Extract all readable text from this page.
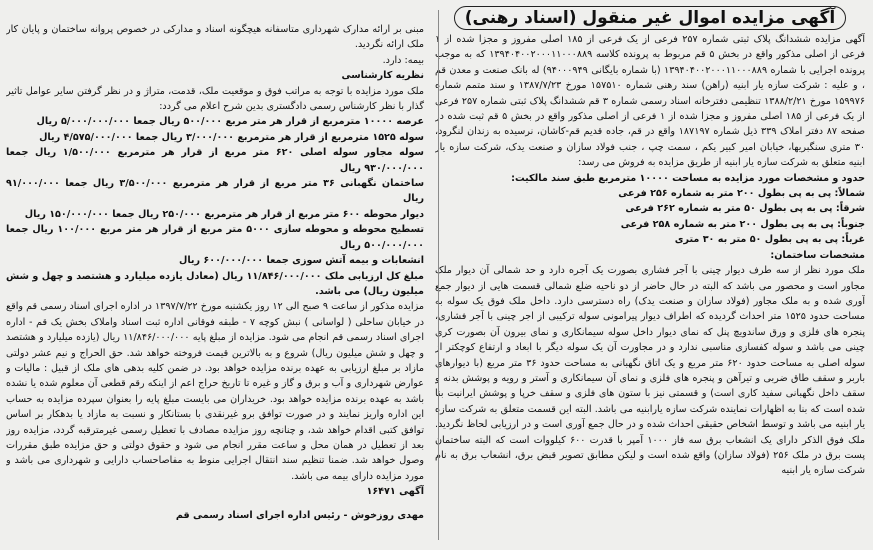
آگهی مزایده اموال غیر منقول (اسناد رهنی)

آگهی مزایده ششدانگ پلاک ثبتی شماره ۲۵۷ فرعی از یک فرعی از ۱۸۵ اصلی مفروز و مجزا شده از ۱ فرعی از اصلی مذکور واقع در بخش ۵ قم مربوط به پرونده کلاسه ۱۳۹۴۰۴۰۰۲۰۰۰۱۱۰۰۰۸۸۹ که به موجب پرونده اجرایی با شماره ۱۳۹۴۰۴۰۰۲۰۰۰۱۱۰۰۰۸۸۹ (با شماره بایگانی ۹۴۰۰۰۹۴۹) له بانک صنعت و معدن قم ، و علیه : شرکت سازه یار ابنیه (راهن) سند رهنی شماره ۱۵۷۵۱۰ مورخ ۱۳۸۷/۷/۲۳ و سند متمم شماره ۱۵۹۹۷۶ مورخ ۱۳۸۸/۲/۲۱ تنظیمی دفترخانه اسناد رسمی شماره ۳ قم ششدانگ پلاک ثبتی شماره ۲۵۷ فرعی از یک فرعی از ۱۸۵ اصلی مفروز و مجزا شده از ۱ فرعی از اصلی مذکور واقع در بخش ۵ قم ثبت شده در صفحه ۸۷ دفتر املاک ۳۳۹ ذیل شماره ۱۸۷۱۹۷ واقع در قم، جاده قدیم قم-کاشان، نرسیده به زندان لنگرود، ۳۰ متری سنگبریها، خیابان امیر کبیر یکم ، سمت چپ ، جنب فولاد سازان و صنعت یدک، شرکت سازه یار ابنیه متعلق به شرکت سازه یار ابنیه از طریق مزایده به فروش می رسد:

حدود و مشخصات مورد مزایده به مساحت ۱۰۰۰۰ مترمربع طبق سند مالکیت:
شمالاً: پی به پی بطول ۲۰۰ متر به شماره ۲۵۶ فرعی
شرقاً: پی به پی بطول ۵۰ متر به شماره ۲۶۲ فرعی
جنوباً: پی به پی بطول ۲۰۰ متر به شماره ۲۵۸ فرعی
غرباً: پی به پی بطول ۵۰ متر به ۳۰ متری
مشخصات ساختمان:

ملک مورد نظر از سه طرف دیوار چینی با آجر فشاری بصورت یک آجره دارد و حد شمالی آن دیوار ملک مجاور است و محصور می باشد که البته در حال حاضر از دو ناحیه ضلع شمالی قسمت هایی از دیوار جمع آوری شده و به ملک مجاور (فولاد سازان و صنعت یدک) راه دسترسی دارد. داخل ملک فوق یک سوله به مساحت حدود ۱۵۲۵ متر احداث گردیده که اطراف دیوار پیرامونی سوله ترکیبی از اجر چینی با آجر فشاری، پنجره های فلزی و ورق ساندویچ پنل که نمای دیوار داخل سوله سیمانکاری و نمای بیرون آن بصورت کری چینی می باشد و سوله کفسازی مناسبی ندارد و در مجاورت آن یک سوله دیگر با ابعاد و ارتفاع کوچکتر از سوله اصلی به مساحت حدود ۶۲۰ متر مربع و یک اتاق نگهبانی به مساحت حدود ۳۶ متر مربع (با دیوارهای باربر و سقف طاق ضربی و تیرآهن و پنجره های فلزی و نمای آن سیمانکاری و آستر و رویه و پوشش بدنه و سقف داخل نگهبانی سفید کاری است) و قسمتی نیز با ستون های فلزی و سقف خرپا و پوشش ایرانیت بنا شده است که بنا به اظهارات نماینده شرکت سازه یارابنیه می باشد. البته این قسمت متعلق به شرکت سازه یار ابنیه می باشد و توسط اشخاص حقیقی احداث شده و در حال جمع آوری است و در ارزیابی لحاظ نگردید. ملک فوق الذکر دارای یک انشعاب برق سه فاز ۱۰۰۰ آمپر با قدرت ۶۰۰ کیلووات است که البته ساختمان پست برق در ملک ۲۵۶ (فولاد سازان) واقع شده است و لیکن مطابق تصویر قبض برق، انشعاب برق به نام شرکت سازه یار ابنیه

مبنی بر ارائه مدارک شهرداری متاسفانه هیچگونه اسناد و مدارکی در خصوص پروانه ساختمان و پایان کار ملک ارائه نگردید.

بیمه: دارد.
نظریه کارشناسی

ملک مورد مزایده با توجه به مراتب فوق و موقعیت ملک، قدمت، متراژ و در نظر گرفتن سایر عوامل تاثیر گذار با نظر کارشناس رسمی دادگستری بدین شرح اعلام می گردد:

عرصه ۱۰۰۰۰ مترمربع از قرار هر متر مربع ۵۰۰/۰۰۰ ریال جمعا ۵/۰۰۰/۰۰۰/۰۰۰ ریال
سوله ۱۵۲۵ مترمربع از قرار هر مترمربع ۳/۰۰۰/۰۰۰ ریال جمعا ۴/۵۷۵/۰۰۰/۰۰۰ ریال
سوله مجاور سوله اصلی ۶۲۰ متر مربع از قرار هر مترمربع ۱/۵۰۰/۰۰۰ ریال جمعا ۹۳۰/۰۰۰/۰۰۰ ریال
ساختمان نگهبانی ۳۶ متر مربع از قرار هر مترمربع ۳/۵۰۰/۰۰۰ ریال جمعا ۹۱/۰۰۰/۰۰۰ ریال
دیوار محوطه ۶۰۰ متر مربع از قرار هر مترمربع ۲۵۰/۰۰۰ ریال جمعا ۱۵۰/۰۰۰/۰۰۰ ریال
تسطیح محوطه و محوطه سازی ۵۰۰۰ متر مربع از قرار هر متر مربع ۱۰۰/۰۰۰ ریال جمعا ۵۰۰/۰۰۰/۰۰۰ ریال
انشعابات و بیمه آتش سوزی جمعا ۶۰۰/۰۰۰/۰۰۰ ریال
مبلغ کل ارزیابی ملک ۱۱/۸۴۶/۰۰۰/۰۰۰ ریال (معادل یازده میلیارد و هشتصد و چهل و شش میلیون ریال) می باشد.

مزایده مذکور از ساعت ۹ صبح الی ۱۲ روز یکشنبه مورخ ۱۳۹۷/۷/۲۲ در اداره اجرای اسناد رسمی قم واقع در خیابان ساحلی ( لواسانی ) نبش کوچه ۷ - طبقه فوقانی اداره ثبت اسناد واملاک بخش یک قم - اداره اجرای اسناد رسمی قم انجام می شود. مزایده از مبلغ پایه ۱۱/۸۴۶/۰۰۰/۰۰۰ ریال (یازده میلیارد و هشتصد و چهل و شش میلیون ریال) شروع و به بالاترین قیمت فروخته خواهد شد. حق الحراج و نیم عشر دولتی مازاد بر مبلغ ارزیابی به عهده برنده مزایده خواهد بود. در ضمن کلیه بدهی های ملک از قبیل : مالیات و عوارض شهرداری و آب و برق و گاز و غیره تا تاریخ حراج اعم از اینکه رقم قطعی آن معلوم شده یا نشده باشد به عهده برنده مزایده خواهد بود. خریداران می بایست مبلغ پایه را بعنوان سپرده مزایده به حساب این اداره واریز نمایند و در صورت توافق برو غیرنقدی با بستانکار و نسبت به مازاد یا بدهکار بر اساس توافق کتبی اقدام خواهد شد، و چنانچه روز مزایده مصادف با تعطیل رسمی غیرمترقبه گردد، مزایده روز بعد از تعطیل در همان محل و ساعت مقرر انجام می شود و حقوق دولتی و حق مزایده طبق مقررات وصول خواهد شد. ضمنا تنظیم سند انتقال اجرایی منوط به مفاصاحساب دارایی و شهرداری می باشد و مورد مزایده دارای بیمه می باشد.

آگهی ۱۶۴۷۱
مهدی روزخوش - رئیس اداره اجرای اسناد رسمی قم
